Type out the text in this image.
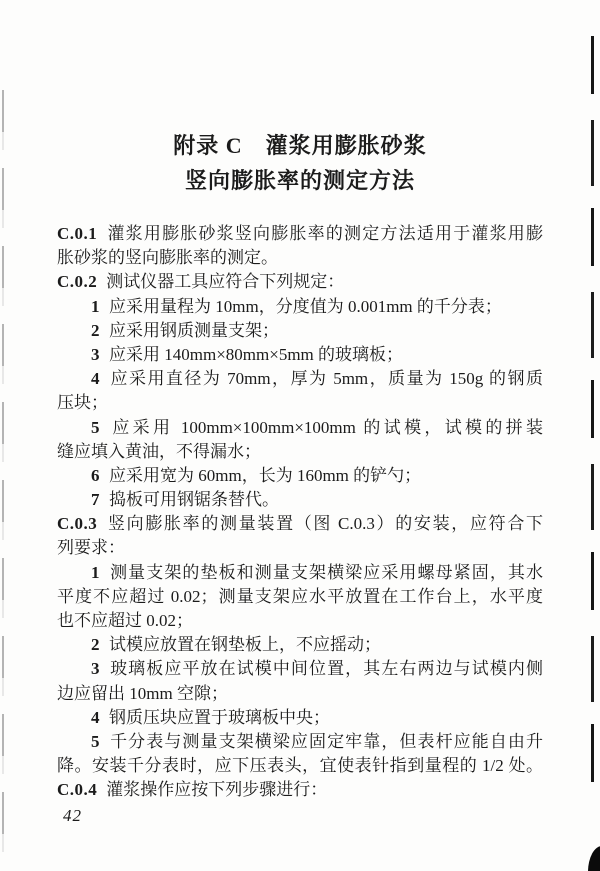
附录 C　灌浆用膨胀砂浆
竖向膨胀率的测定方法
C.0.1 灌浆用膨胀砂浆竖向膨胀率的测定方法适用于灌浆用膨
胀砂浆的竖向膨胀率的测定。
C.0.2 测试仪器工具应符合下列规定：
1 应采用量程为 10mm，分度值为 0.001mm 的千分表；
2 应采用钢质测量支架；
3 应采用 140mm×80mm×5mm 的玻璃板；
4 应采用直径为 70mm，厚为 5mm，质量为 150g 的钢质
压块；
5 应采用 100mm×100mm×100mm 的试模，试模的拼装
缝应填入黄油，不得漏水；
6 应采用宽为 60mm，长为 160mm 的铲勺；
7 捣板可用钢锯条替代。
C.0.3 竖向膨胀率的测量装置（图 C.0.3）的安装，应符合下
列要求：
1 测量支架的垫板和测量支架横梁应采用螺母紧固，其水
平度不应超过 0.02；测量支架应水平放置在工作台上，水平度
也不应超过 0.02；
2 试模应放置在钢垫板上，不应摇动；
3 玻璃板应平放在试模中间位置，其左右两边与试模内侧
边应留出 10mm 空隙；
4 钢质压块应置于玻璃板中央；
5 千分表与测量支架横梁应固定牢靠，但表杆应能自由升
降。安装千分表时，应下压表头，宜使表针指到量程的 1/2 处。
C.0.4 灌浆操作应按下列步骤进行：
42
